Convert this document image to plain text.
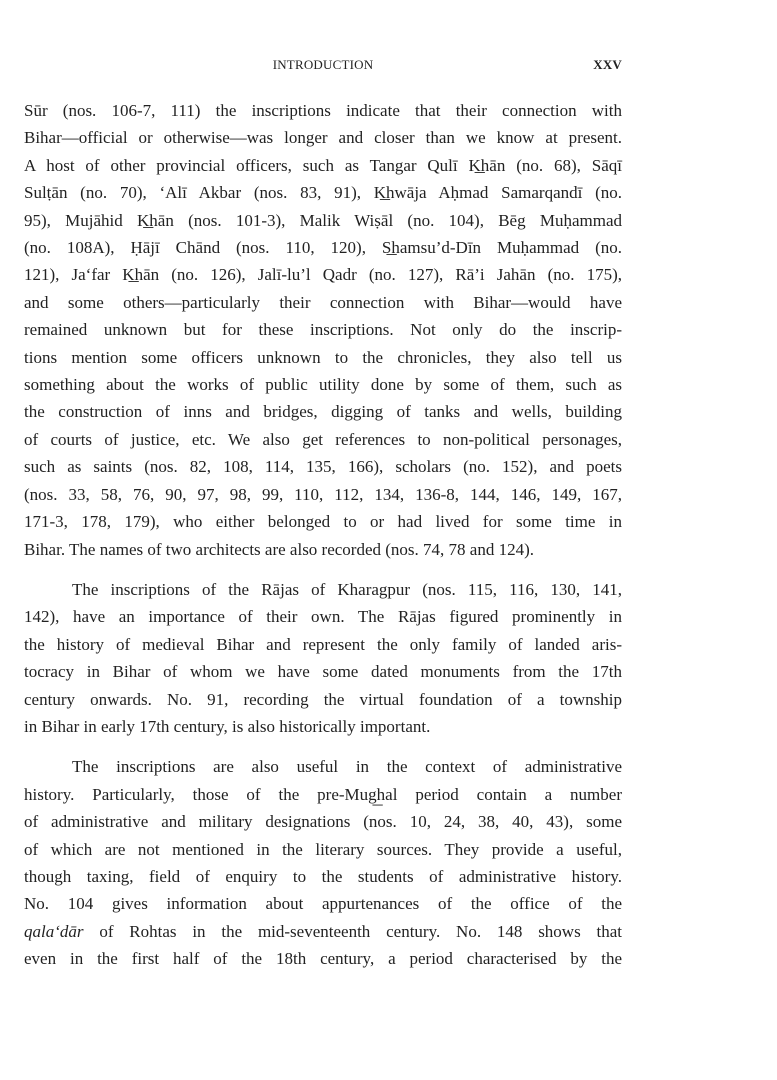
INTRODUCTION	XXV

Sūr (nos. 106-7, 111) the inscriptions indicate that their connection with
Bihar—official or otherwise—was longer and closer than we know at present.
A host of other provincial officers, such as Tangar Qulī K͟hān (no. 68), Sāqī
Sulṭān (no. 70), ‘Alī Akbar (nos. 83, 91), K͟hwāja Aḥmad Samarqandī (no.
95), Mujāhid K͟hān (nos. 101-3), Malik Wiṣāl (no. 104), Bēg Muḥammad
(no. 108A), Ḥājī Chānd (nos. 110, 120), S͟hamsu’d-Dīn Muḥammad (no.
121), Ja‘far K͟hān (no. 126), Jalī-lu’l Qadr (no. 127), Rā’i Jahān (no. 175),
and some others—particularly their connection with Bihar—would have
remained unknown but for these inscriptions. Not only do the inscrip-
tions mention some officers unknown to the chronicles, they also tell us
something about the works of public utility done by some of them, such as
the construction of inns and bridges, digging of tanks and wells, building
of courts of justice, etc. We also get references to non-political personages,
such as saints (nos. 82, 108, 114, 135, 166), scholars (no. 152), and poets
(nos. 33, 58, 76, 90, 97, 98, 99, 110, 112, 134, 136-8, 144, 146, 149, 167,
171-3, 178, 179), who either belonged to or had lived for some time in
Bihar. The names of two architects are also recorded (nos. 74, 78 and 124).

The inscriptions of the Rājas of Kharagpur (nos. 115, 116, 130, 141,
142), have an importance of their own. The Rājas figured prominently in
the history of medieval Bihar and represent the only family of landed aris-
tocracy in Bihar of whom we have some dated monuments from the 17th
century onwards. No. 91, recording the virtual foundation of a township
in Bihar in early 17th century, is also historically important.

The inscriptions are also useful in the context of administrative
history. Particularly, those of the pre-Mug͟hal period contain a number
of administrative and military designations (nos. 10, 24, 38, 40, 43), some
of which are not mentioned in the literary sources. They provide a useful,
though taxing, field of enquiry to the students of administrative history.
No. 104 gives information about appurtenances of the office of the
qala‘dār of Rohtas in the mid-seventeenth century. No. 148 shows that
even in the first half of the 18th century, a period characterised by the
